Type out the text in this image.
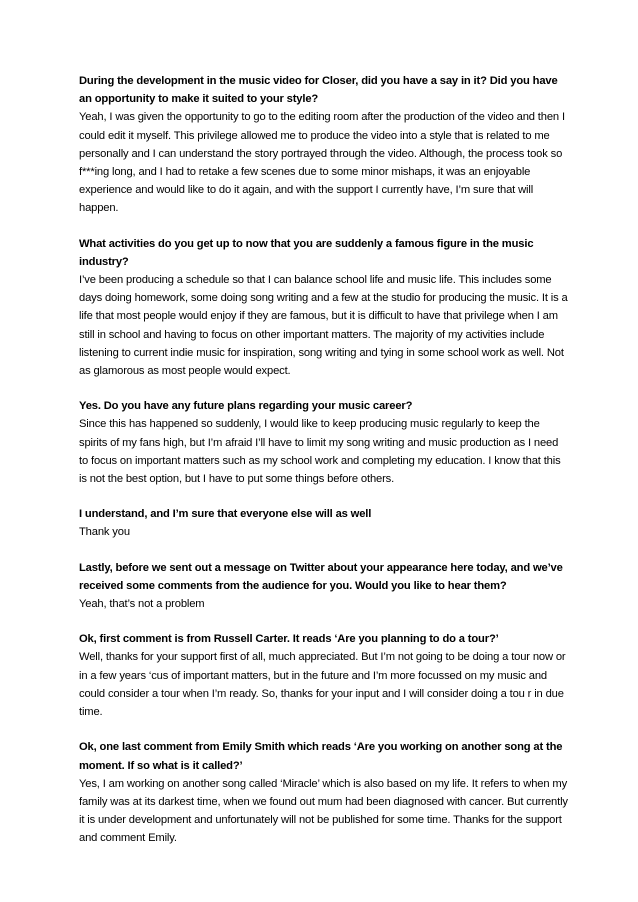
During the development in the music video for Closer, did you have a say in it? Did you have an opportunity to make it suited to your style?

Yeah, I was given the opportunity to go to the editing room after the production of the video and then I could edit it myself. This privilege allowed me to produce the video into a style that is related to me personally and I can understand the story portrayed through the video. Although, the process took so f***ing long, and I had to retake a few scenes due to some minor mishaps, it was an enjoyable experience and would like to do it again, and with the support I currently have, I’m sure that will happen.

What activities do you get up to now that you are suddenly a famous figure in the music industry?

I’ve been producing a schedule so that I can balance school life and music life. This includes some days doing homework, some doing song writing and a few at the studio for producing the music. It is a life that most people would enjoy if they are famous, but it is difficult to have that privilege when I am still in school and having to focus on other important matters. The majority of my activities include listening to current indie music for inspiration, song writing and tying in some school work as well. Not as glamorous as most people would expect.

Yes. Do you have any future plans regarding your music career?

Since this has happened so suddenly, I would like to keep producing music regularly to keep the spirits of my fans high, but I’m afraid I’ll have to limit my song writing and music production as I need to focus on important matters such as my school work and completing my education. I know that this is not the best option, but I have to put some things before others.

I understand, and I’m sure that everyone else will as well

Thank you

Lastly, before we sent out a message on Twitter about your appearance here today, and we’ve received some comments from the audience for you. Would you like to hear them?

Yeah, that’s not a problem

Ok, first comment is from Russell Carter. It reads ‘Are you planning to do a tour?’

Well, thanks for your support first of all, much appreciated. But I’m not going to be doing a tour now or in a few years ‘cus of important matters, but in the future and I’m more focussed on my music and could consider a tour when I’m ready. So, thanks for your input and I will consider doing a tou r in due time.

Ok, one last comment from Emily Smith which reads ‘Are you working on another song at the moment. If so what is it called?’

Yes, I am working on another song called ‘Miracle’ which is also based on my life. It refers to when my family was at its darkest time, when we found out mum had been diagnosed with cancer. But currently it is under development and unfortunately will not be published for some time. Thanks for the support and comment Emily.
